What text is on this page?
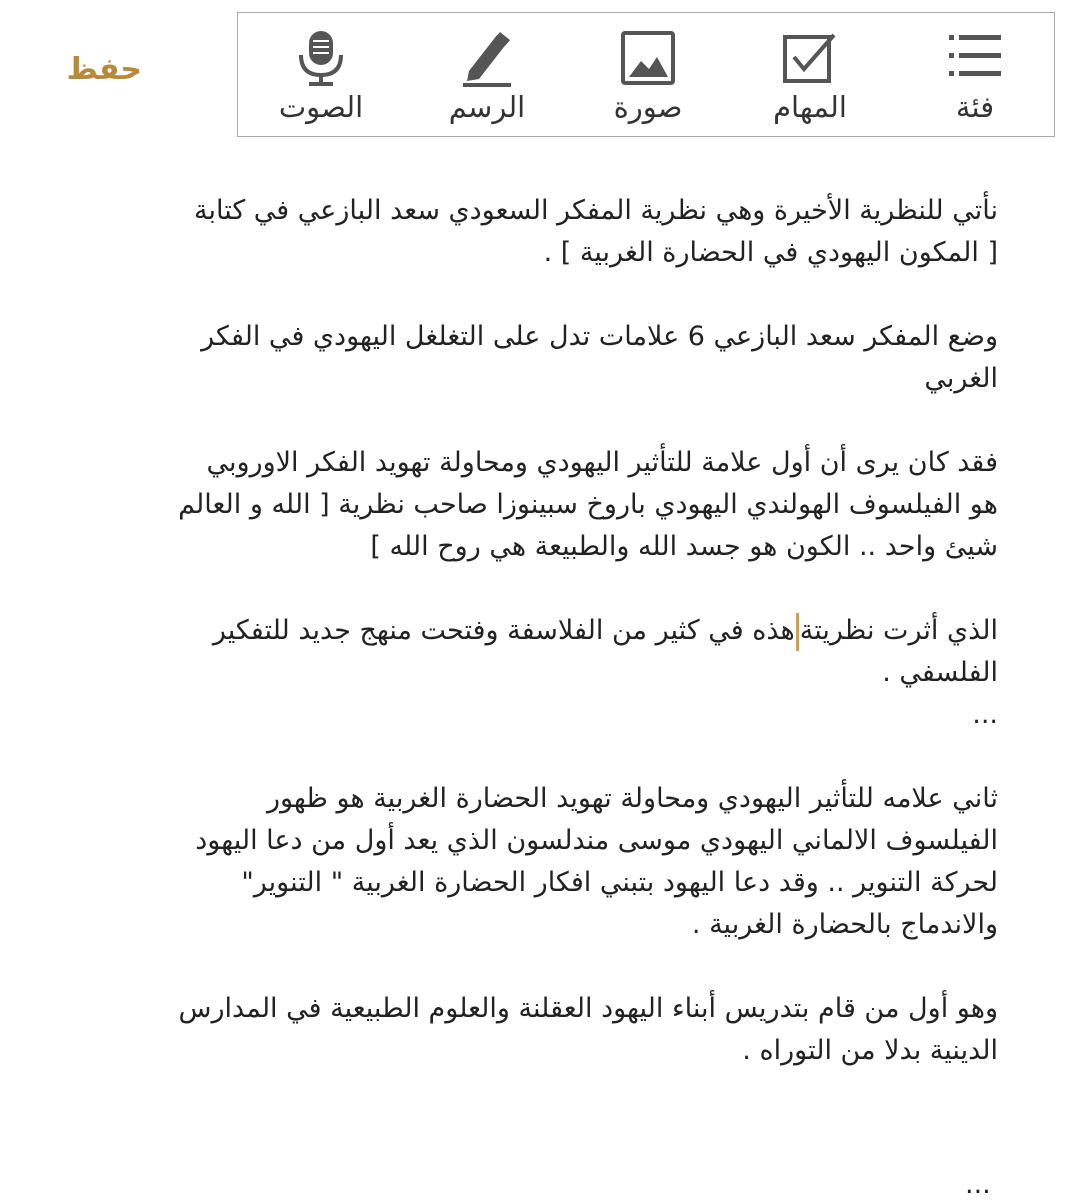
حفظ
الصوت	الرسم	صورة	المهام	فئة
نأتي للنظرية الأخيرة وهي نظرية المفكر السعودي سعد البازعي في كتابة
[ المكون اليهودي في الحضارة الغربية ] .
وضع المفكر سعد البازعي 6 علامات تدل على التغلغل اليهودي في الفكر
الغربي
فقد كان يرى أن أول علامة للتأثير اليهودي ومحاولة تهويد الفكر الاوروبي
هو الفيلسوف الهولندي اليهودي باروخ سبينوزا صاحب نظرية [ الله و العالم
شيئ واحد .. الكون هو جسد الله والطبيعة هي روح الله ]
الذي أثرت نظريتةهذه في كثير من الفلاسفة وفتحت منهج جديد للتفكير
الفلسفي .
...
ثاني علامه للتأثير اليهودي ومحاولة تهويد الحضارة الغربية هو ظهور
الفيلسوف الالماني اليهودي موسى مندلسون الذي يعد أول من دعا اليهود
لحركة التنوير .. وقد دعا اليهود بتبني افكار الحضارة الغربية " التنوير"
والاندماج بالحضارة الغربية .
وهو أول من قام بتدريس أبناء اليهود العقلنة والعلوم الطبيعية في المدارس
الدينية بدلا من التوراه .
...
